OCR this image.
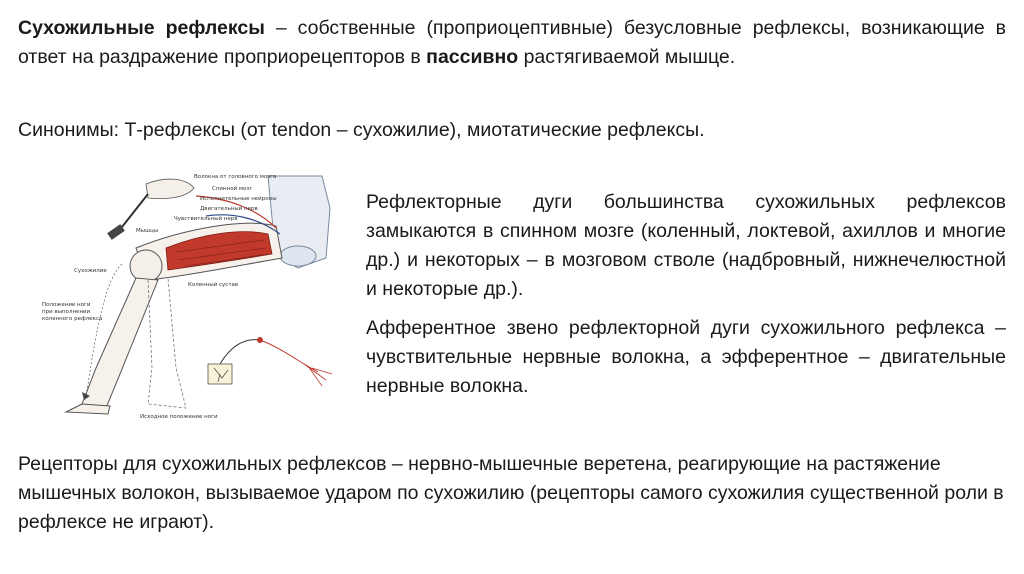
Сухожильные рефлексы – собственные (проприоцептивные) безусловные рефлексы, возникающие в ответ на раздражение проприорецепторов в пассивно растягиваемой мышце.

Синонимы: Т-рефлексы (от tendon – сухожилие), миотатические рефлексы.

Рефлекторные дуги большинства сухожильных рефлексов замыкаются в спинном мозге (коленный, локтевой, ахиллов и многие др.) и некоторых – в мозговом стволе (надбровный, нижнечелюстной и некоторые др.).

Афферентное звено рефлекторной дуги сухожильного рефлекса – чувствительные нервные волокна, а эфферентное – двигательные нервные волокна.

Рецепторы для сухожильных рефлексов – нервно-мышечные веретена, реагирующие на растяжение мышечных волокон, вызываемое ударом по сухожилию (рецепторы самого сухожилия существенной роли в рефлексе не играют).

Волокна от головного мозга
Спинной мозг
Исполнительные нейроны
Двигательный нерв
Чувствительный нерв
Мышцы
Сухожилие
Коленный сустав
Положение ноги при выполнении коленного рефлекса
Исходное положение ноги
